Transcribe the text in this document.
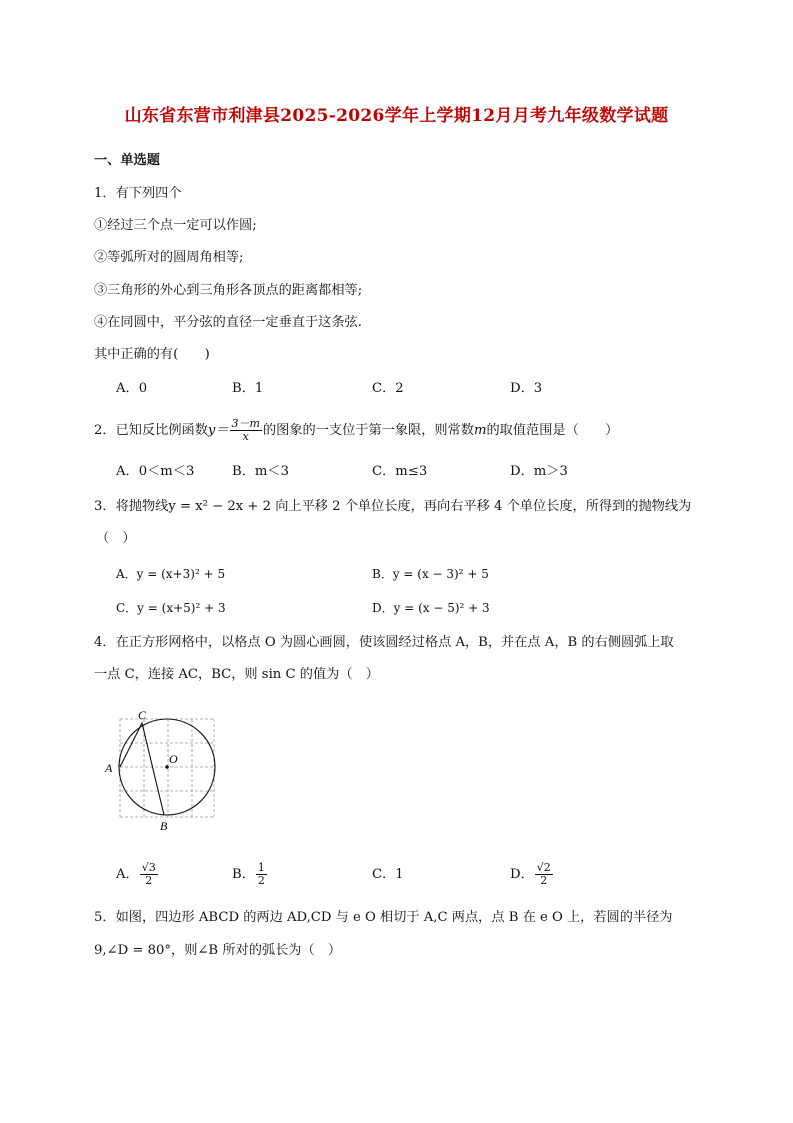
山东省东营市利津县2025-2026学年上学期12月月考九年级数学试题
一、单选题
1．有下列四个
①经过三个点一定可以作圆;
②等弧所对的圆周角相等;
③三角形的外心到三角形各顶点的距离都相等;
④在同圆中，平分弦的直径一定垂直于这条弦.
其中正确的有(　　)
A．0	B．1	C．2	D．3
2．已知反比例函数$y= \frac{3-m}{x}$ 的图象的一支位于第一象限，则常数m的取值范围是（　　）
A．0＜m＜3	B．m＜3	C．m≤3	D．m＞3
3．将抛物线y = x² − 2x + 2 向上平移 2 个单位长度，再向右平移 4 个单位长度，所得到的抛物线为
（　）
A．y = (x+3)² + 5	B．y = (x − 3)² + 5
C．y = (x+5)² + 3	D．y = (x − 5)² + 3
4．在正方形网格中，以格点 O 为圆心画圆，使该圆经过格点 A，B，并在点 A，B 的右侧圆弧上取
一点 C，连接 AC，BC，则 sin C 的值为（　）
C
A
O
B
A． $\frac{√3}{2}$	B． $\frac{1}{2}$	C．1	D． $\frac{√2}{2}$
5．如图，四边形 ABCD 的两边 AD,CD 与 e O 相切于 A,C 两点，点 B 在 e O 上，若圆的半径为
9,∠D = 80°，则∠B 所对的弧长为（　）
